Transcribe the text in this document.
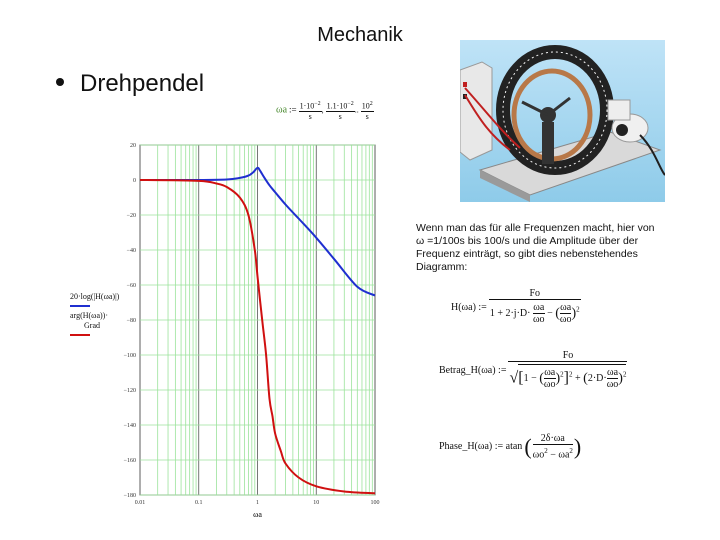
Mechanik
Drehpendel
ωa := $\frac{1\cdot 10^{-2}}{s}$ , $\frac{1.1\cdot 10^{-2}}{s}$ .. $\frac{10^2}{s}$
20
0
−20
−40
−60
−80
−100
−120
−140
−160
−180
0.01	0.1	1	10	100
ωa
20·log(|H(ωa)|)
arg(H(ωa))·
Grad
Wenn man das für alle Frequenzen macht, hier von
ω =1/100s bis 100/s und die Amplitude über der
Frequenz einträgt, so gibt dies nebenstehendes
Diagramm:
H(ωa) :=	Fo
$1 + 2\cdot j\cdot D\cdot \frac{\omega a}{\omega o}$ − ( $\frac{\omega a}{\omega o} )^2$
Betrag_H(ωa) :=	Fo
√[1 − ( $\frac{\omega a}{\omega o} )^2]^2 + (2\cdot D\cdot \frac{\omega a}{\omega o} )^2$
Phase_H(ωa) := atan	(	2δ·ωa
$\omega o^2 - \omega a^2$	)
